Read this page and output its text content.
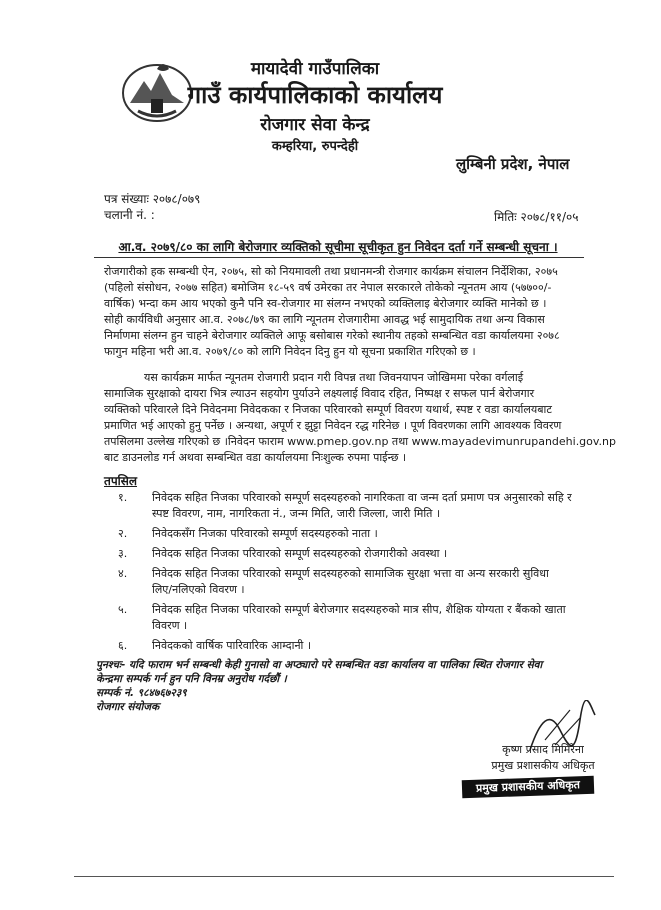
मायादेवी गाउँपालिका
गाउँ कार्यपालिकाको कार्यालय
रोजगार सेवा केन्द्र
कम्हरिया, रुपन्देही
लुम्बिनी प्रदेश, नेपाल
पत्र संख्याः २०७८/०७९
चलानी नं. :	मितिः २०७८/११/०५
आ.व. २०७९/८० का लागि बेरोजगार व्यक्तिको सूचीमा सूचीकृत हुन निवेदन दर्ता गर्ने सम्बन्धी सूचना ।
रोजगारीको हक सम्बन्धी ऐन, २०७५, सो को नियमावली तथा प्रधानमन्त्री रोजगार कार्यक्रम संचालन निर्देशिका, २०७५
(पहिलो संसोधन, २०७७ सहित) बमोजिम १८-५९ वर्ष उमेरका तर नेपाल सरकारले तोकेको न्यूनतम आय (५७७००/-
वार्षिक) भन्दा कम आय भएको कुनै पनि स्व-रोजगार मा संलग्न नभएको व्यक्तिलाइ बेरोजगार व्यक्ति मानेको छ ।
सोही कार्यविधी अनुसार आ.व. २०७८/७९ का लागि न्यूनतम रोजगारीमा आवद्ध भई सामुदायिक तथा अन्य विकास
निर्माणमा संलग्न हुन चाहने बेरोजगार व्यक्तिले आफू बसोबास गरेको स्थानीय तहको सम्बन्धित वडा कार्यालयमा २०७८
फागुन महिना भरी आ.व. २०७९/८० को लागि निवेदन दिनु हुन यो सूचना प्रकाशित गरिएको छ ।
यस कार्यक्रम मार्फत न्यूनतम रोजगारी प्रदान गरी विपन्न तथा जिवनयापन जोखिममा परेका वर्गलाई
सामाजिक सुरक्षाको दायरा भित्र ल्याउन सहयोग पुर्याउने लक्ष्यलाई विवाद रहित, निष्पक्ष र सफल पार्न बेरोजगार
व्यक्तिको परिवारले दिने निवेदनमा निवेदकका र निजका परिवारको सम्पूर्ण विवरण यथार्थ, स्पष्ट र वडा कार्यालयबाट
प्रमाणित भई आएको हुनु पर्नेछ । अन्यथा, अपूर्ण र झुट्टा निवेदन रद्ध गरिनेछ । पूर्ण विवरणका लागि आवश्यक विवरण
तपसिलमा उल्लेख गरिएको छ ।निवेदन फाराम www.pmep.gov.np तथा www.mayadevimunrupandehi.gov.np
बाट डाउनलोड गर्न अथवा सम्बन्धित वडा कार्यालयमा निःशुल्क रुपमा पाईन्छ ।
तपसिल
१.	निवेदक सहित निजका परिवारको सम्पूर्ण सदस्यहरुको नागरिकता वा जन्म दर्ता प्रमाण पत्र अनुसारको सहि र
स्पष्ट विवरण, नाम, नागरिकता नं., जन्म मिति, जारी जिल्ला, जारी मिति ।
२.	निवेदकसँग निजका परिवारको सम्पूर्ण सदस्यहरुको नाता ।
३.	निवेदक सहित निजका परिवारको सम्पूर्ण सदस्यहरुको रोजगारीको अवस्था ।
४.	निवेदक सहित निजका परिवारको सम्पूर्ण सदस्यहरुको सामाजिक सुरक्षा भत्ता वा अन्य सरकारी सुविधा
लिए/नलिएको विवरण ।
५.	निवेदक सहित निजका परिवारको सम्पूर्ण बेरोजगार सदस्यहरुको मात्र सीप, शैक्षिक योग्यता र बैंकको खाता
विवरण ।
६.	निवेदकको वार्षिक पारिवारिक आम्दानी ।
पुनश्चः- यदि फाराम भर्न सम्बन्धी केही गुनासो वा अप्ठ्यारो परे सम्बन्धित वडा कार्यालय वा पालिका स्थित रोजगार सेवा
केन्द्रमा सम्पर्क गर्न हुन पनि विनम्र अनुरोध गर्दछौं ।
सम्पर्क नं. ९८४७६७२३९
रोजगार संयोजक
कृष्ण प्रसाद मिमिरेना
प्रमुख प्रशासकीय अधिकृत
प्रमुख प्रशासकीय अधिकृत
